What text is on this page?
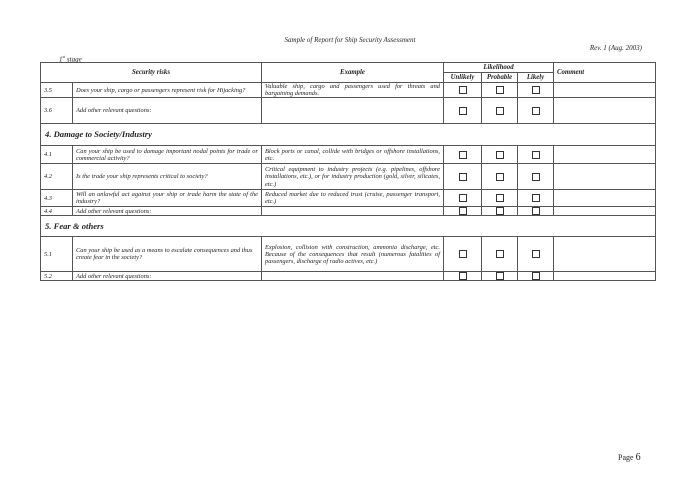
Sample of Report for Ship Security Assessment
Rev. 1 (Aug. 2003)
1st stage
Security risks		Example	Likelihood			Comment
			Unlikely	Probable	Likely	
3.5	Does your ship, cargo or passengers represent risk for Hijacking?	Valuable ship, cargo and passengers used for threats and bargaining demands.				
3.6	Add other relevant questions:					
4. Damage to Society/Industry						
4.1	Can your ship be used to damage important nodal points for trade or commercial activity?	Block ports or canal, collide with bridges or offshore installations, etc.				
4.2	Is the trade your ship represents critical to society?	Critical equipment to industry projects (e.g. pipelines, offshore installations, etc.), or for industry production (gold, silver, silicates, etc.)				
4.3	Will an unlawful act against your ship or trade harm the state of the industry?	Reduced market due to reduced trust (cruise, passenger transport, etc.)				
4.4	Add other relevant questions:					
5. Fear & others						
5.1	Can your ship be used as a means to escalate consequences and thus create fear in the society?	Explosion, collision with construction, ammonia discharge, etc. Because of the consequences that result (numerous fatalities of passengers, discharge of radio actives, etc.)				
5.2	Add other relevant questions:					
Page 6
